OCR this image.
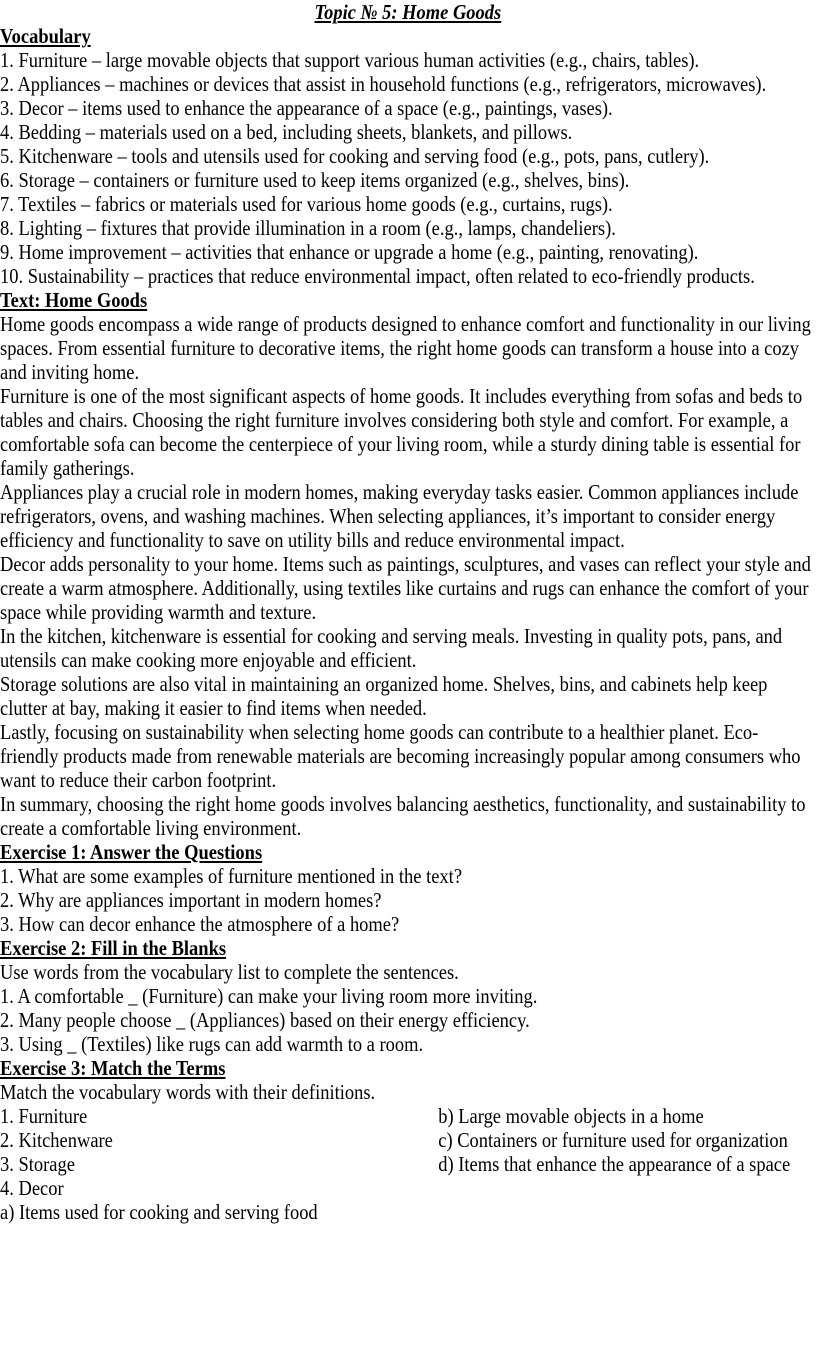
Topic № 5: Home Goods

Vocabulary

1. Furniture – large movable objects that support various human activities (e.g., chairs, tables).

2. Appliances – machines or devices that assist in household functions (e.g., refrigerators, microwaves).

3. Decor – items used to enhance the appearance of a space (e.g., paintings, vases).

4. Bedding – materials used on a bed, including sheets, blankets, and pillows.

5. Kitchenware – tools and utensils used for cooking and serving food (e.g., pots, pans, cutlery).

6. Storage – containers or furniture used to keep items organized (e.g., shelves, bins).

7. Textiles – fabrics or materials used for various home goods (e.g., curtains, rugs).

8. Lighting – fixtures that provide illumination in a room (e.g., lamps, chandeliers).

9. Home improvement – activities that enhance or upgrade a home (e.g., painting, renovating).

10. Sustainability – practices that reduce environmental impact, often related to eco-friendly products.

Text: Home Goods

Home goods encompass a wide range of products designed to enhance comfort and functionality in our living spaces. From essential furniture to decorative items, the right home goods can transform a house into a cozy and inviting home.

Furniture is one of the most significant aspects of home goods. It includes everything from sofas and beds to tables and chairs. Choosing the right furniture involves considering both style and comfort. For example, a comfortable sofa can become the centerpiece of your living room, while a sturdy dining table is essential for family gatherings.

Appliances play a crucial role in modern homes, making everyday tasks easier. Common appliances include refrigerators, ovens, and washing machines. When selecting appliances, it’s important to consider energy efficiency and functionality to save on utility bills and reduce environmental impact.

Decor adds personality to your home. Items such as paintings, sculptures, and vases can reflect your style and create a warm atmosphere. Additionally, using textiles like curtains and rugs can enhance the comfort of your space while providing warmth and texture.

In the kitchen, kitchenware is essential for cooking and serving meals. Investing in quality pots, pans, and utensils can make cooking more enjoyable and efficient.

Storage solutions are also vital in maintaining an organized home. Shelves, bins, and cabinets help keep clutter at bay, making it easier to find items when needed.

Lastly, focusing on sustainability when selecting home goods can contribute to a healthier planet. Eco-friendly products made from renewable materials are becoming increasingly popular among consumers who want to reduce their carbon footprint.

In summary, choosing the right home goods involves balancing aesthetics, functionality, and sustainability to create a comfortable living environment.

Exercise 1: Answer the Questions

1. What are some examples of furniture mentioned in the text?

2. Why are appliances important in modern homes?

3. How can decor enhance the atmosphere of a home?

Exercise 2: Fill in the Blanks

Use words from the vocabulary list to complete the sentences.

1. A comfortable _ (Furniture) can make your living room more inviting.

2. Many people choose _ (Appliances) based on their energy efficiency.

3. Using _ (Textiles) like rugs can add warmth to a room.

Exercise 3: Match the Terms

Match the vocabulary words with their definitions.

1. Furniture

2. Kitchenware

3. Storage

4. Decor

a) Items used for cooking and serving food

b) Large movable objects in a home

c) Containers or furniture used for organization

d) Items that enhance the appearance of a space
